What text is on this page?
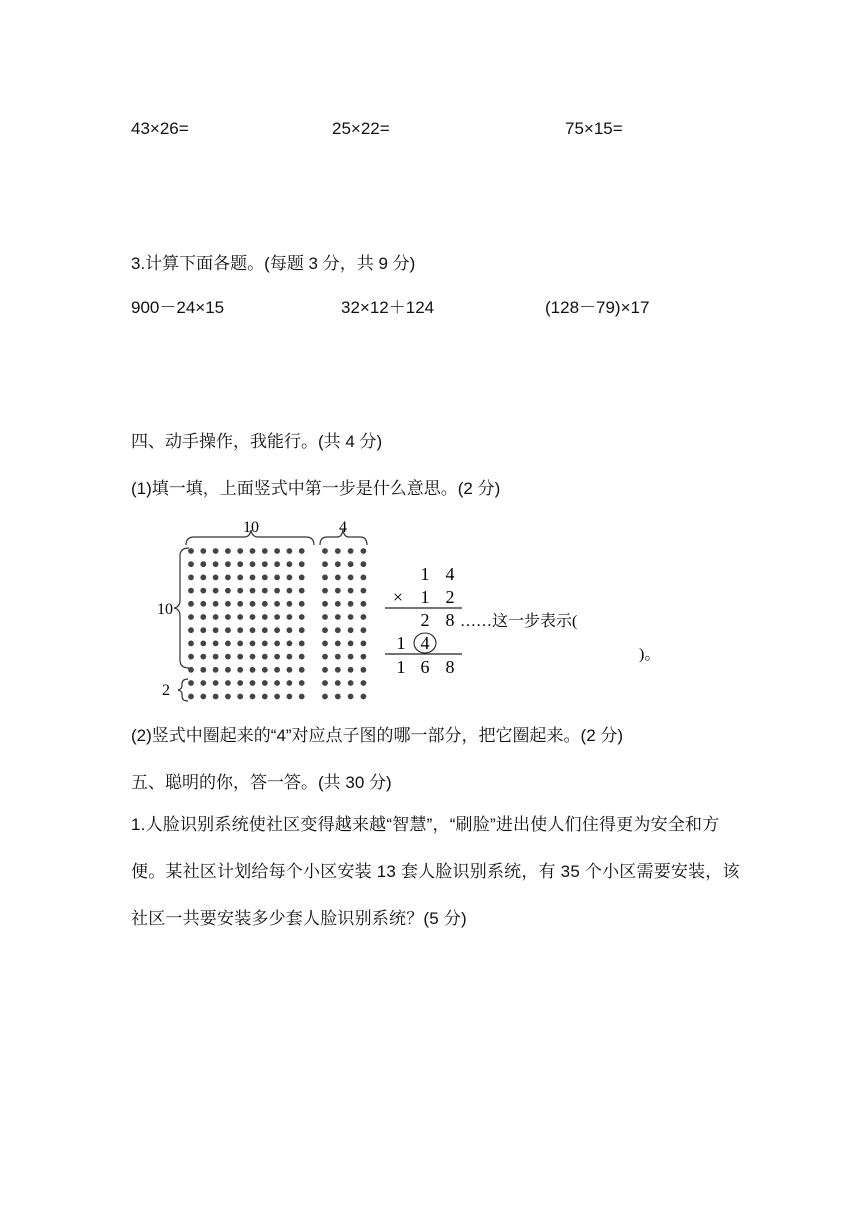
43×26=	25×22=	75×15=
3.计算下面各题。(每题 3 分，共 9 分)
900－24×15	32×12＋124	(128－79)×17
四、动手操作，我能行。(共 4 分)
(1)填一填，上面竖式中第一步是什么意思。(2 分)
10	4
10
2
1 4
× 1 2
2 8
1 4
1 6 8
……这一步表示(
)。
(2)竖式中圈起来的“4”对应点子图的哪一部分，把它圈起来。(2 分)
五、聪明的你，答一答。(共 30 分)
1.人脸识别系统使社区变得越来越“智慧”，“刷脸”进出使人们住得更为安全和方便。某社区计划给每个小区安装 13 套人脸识别系统，有 35 个小区需要安装，该社区一共要安装多少套人脸识别系统？(5 分)
